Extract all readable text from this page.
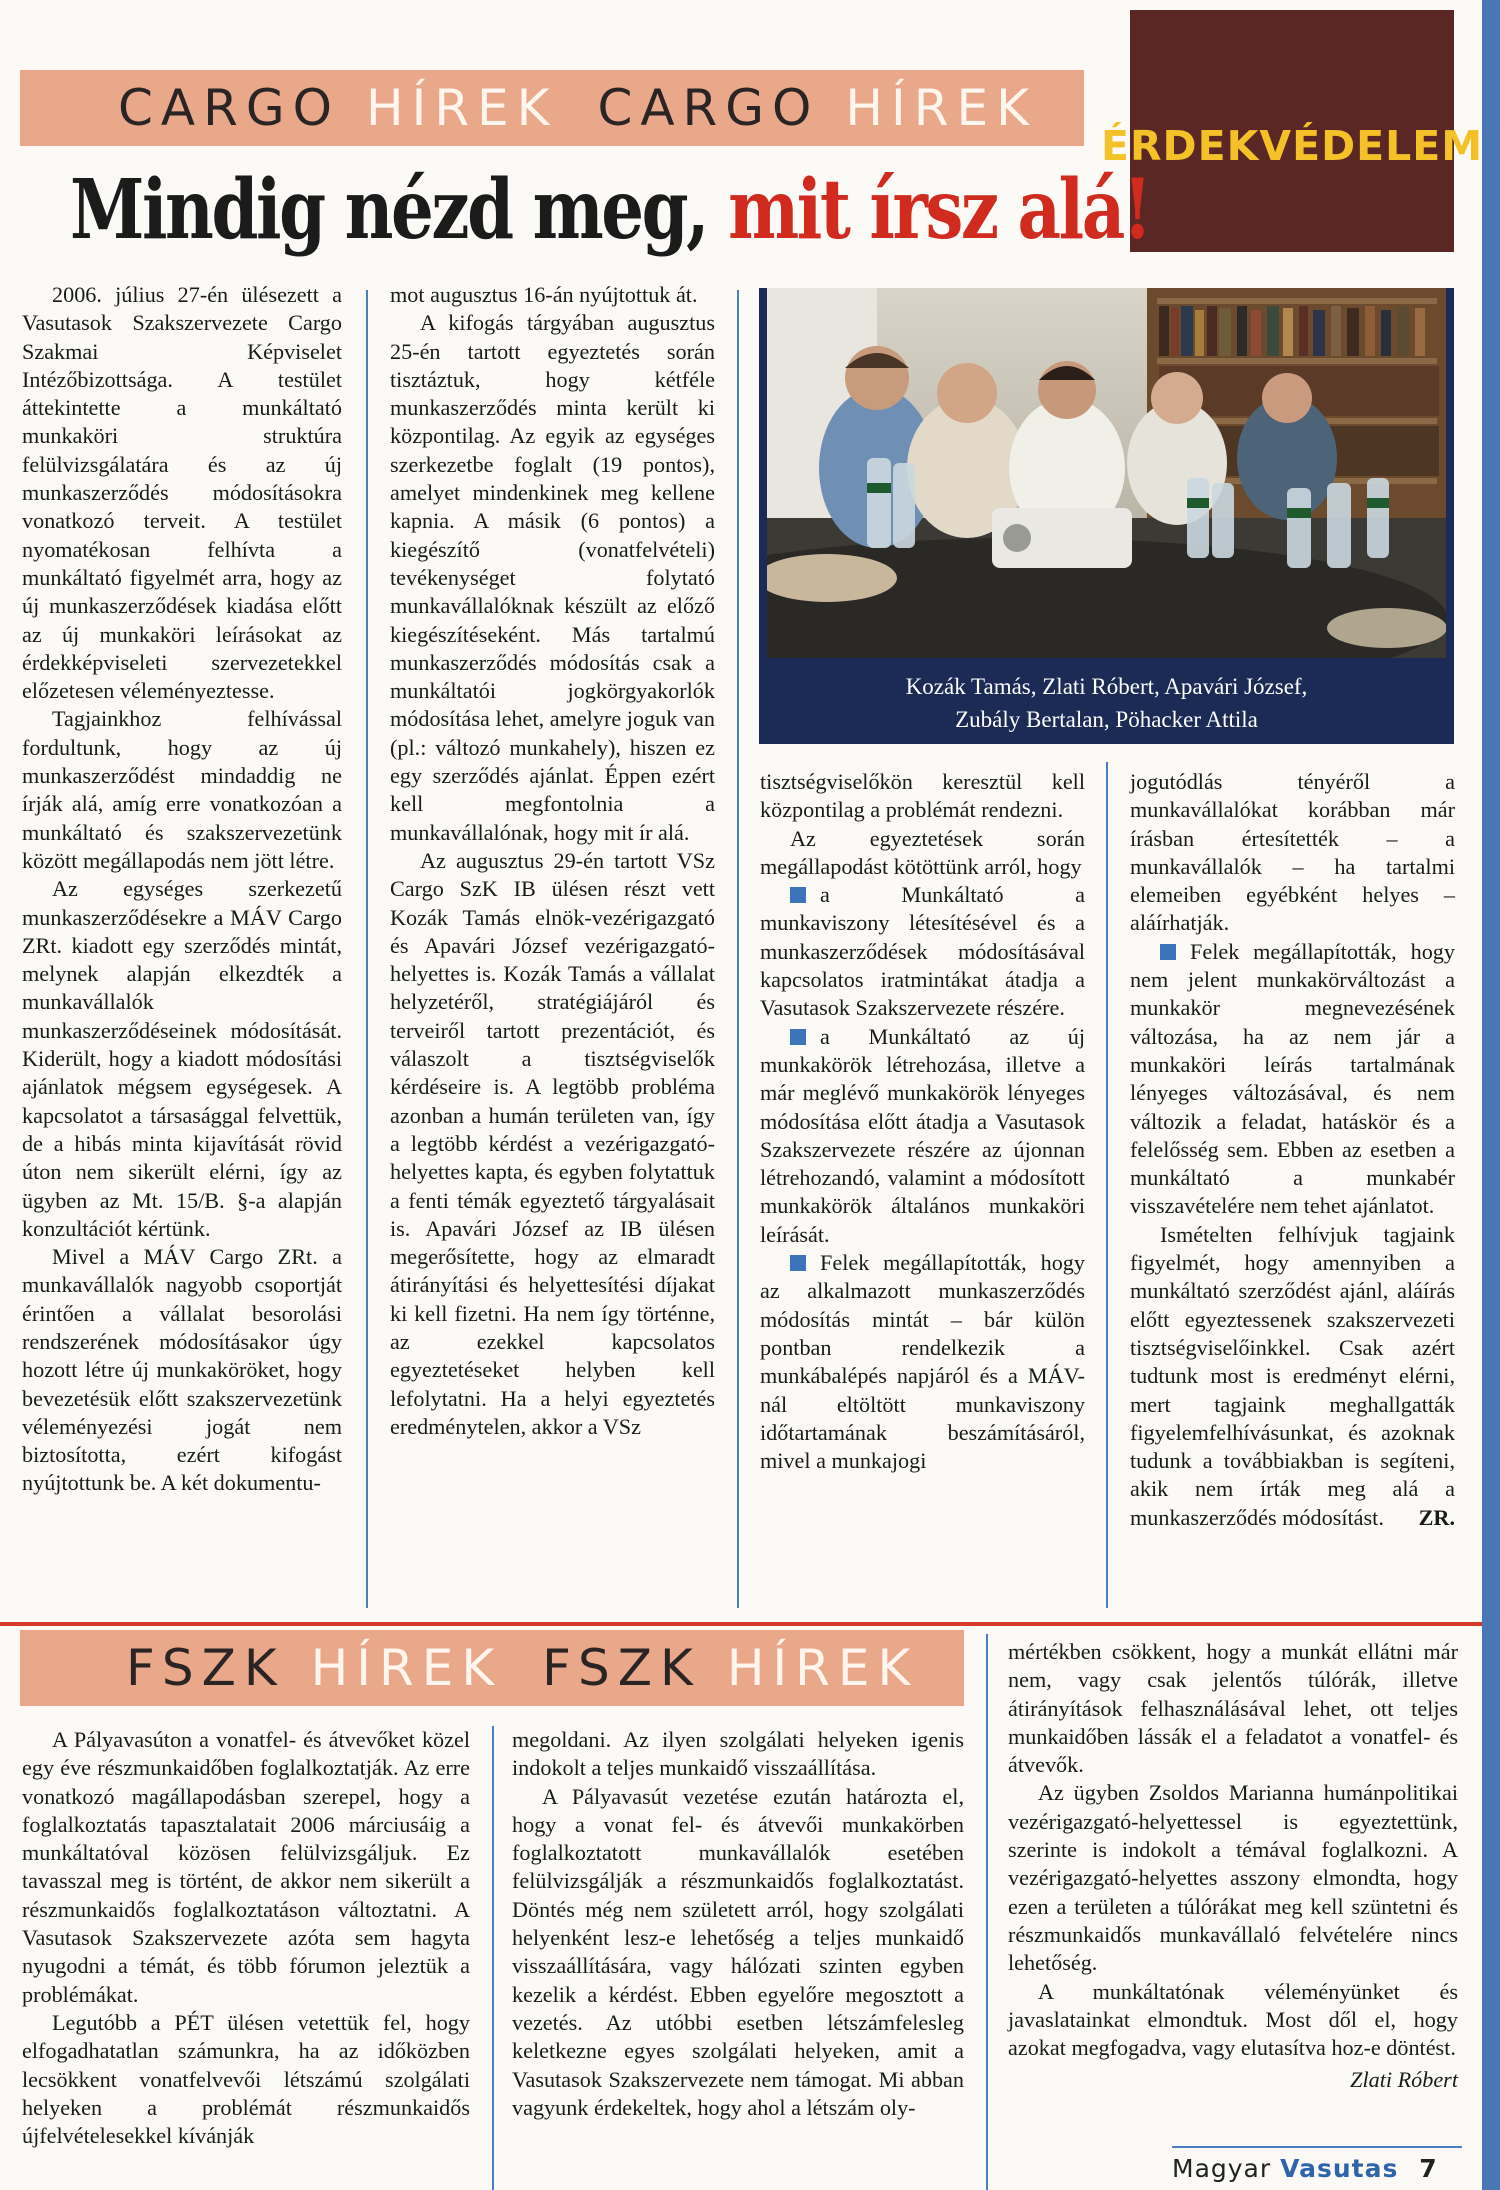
CARGO HÍREK CARGO HÍREK
ÉRDEKVÉDELEM
Mindig nézd meg, mit írsz alá!

2006. július 27-én ülésezett a Vasutasok Szakszervezete Cargo Szakmai Képviselet Intézőbizottsága. A testület áttekintette a munkáltató munkaköri struktúra felülvizsgálatára és az új munkaszerződés módosításokra vonatkozó terveit. A testület nyomatékosan felhívta a munkáltató figyelmét arra, hogy az új munkaszerződések kiadása előtt az új munkaköri leírásokat az érdekképviseleti szervezetekkel előzetesen véleményeztesse.

Tagjainkhoz felhívással fordultunk, hogy az új munkaszerződést mindaddig ne írják alá, amíg erre vonatkozóan a munkáltató és szakszervezetünk között megállapodás nem jött létre.

Az egységes szerkezetű munkaszerződésekre a MÁV Cargo ZRt. kiadott egy szerződés mintát, melynek alapján elkezdték a munkavállalók munkaszerződéseinek módosítását. Kiderült, hogy a kiadott módosítási ajánlatok mégsem egységesek. A kapcsolatot a társasággal felvettük, de a hibás minta kijavítását rövid úton nem sikerült elérni, így az ügyben az Mt. 15/B. §-a alapján konzultációt kértünk.

Mivel a MÁV Cargo ZRt. a munkavállalók nagyobb csoportját érintően a vállalat besorolási rendszerének módosításakor úgy hozott létre új munkaköröket, hogy bevezetésük előtt szakszervezetünk véleményezési jogát nem biztosította, ezért kifogást nyújtottunk be. A két dokumentu-

mot augusztus 16-án nyújtottuk át.

A kifogás tárgyában augusztus 25-én tartott egyeztetés során tisztáztuk, hogy kétféle munkaszerződés minta került ki központilag. Az egyik az egységes szerkezetbe foglalt (19 pontos), amelyet mindenkinek meg kellene kapnia. A másik (6 pontos) a kiegészítő (vonatfelvételi) tevékenységet folytató munkavállalóknak készült az előző kiegészítéseként. Más tartalmú munkaszerződés módosítás csak a munkáltatói jogkörgyakorlók módosítása lehet, amelyre joguk van (pl.: változó munkahely), hiszen ez egy szerződés ajánlat. Éppen ezért kell megfontolnia a munkavállalónak, hogy mit ír alá.

Az augusztus 29-én tartott VSz Cargo SzK IB ülésen részt vett Kozák Tamás elnök-vezérigazgató és Apavári József vezérigazgató-helyettes is. Kozák Tamás a vállalat helyzetéről, stratégiájáról és terveiről tartott prezentációt, és válaszolt a tisztségviselők kérdéseire is. A legtöbb probléma azonban a humán területen van, így a legtöbb kérdést a vezérigazgató-helyettes kapta, és egyben folytattuk a fenti témák egyeztető tárgyalásait is. Apavári József az IB ülésen megerősítette, hogy az elmaradt átirányítási és helyettesítési díjakat ki kell fizetni. Ha nem így történne, az ezekkel kapcsolatos egyeztetéseket helyben kell lefolytatni. Ha a helyi egyeztetés eredménytelen, akkor a VSz

Kozák Tamás, Zlati Róbert, Apavári József,
Zubály Bertalan, Pöhacker Attila

tisztségviselőkön keresztül kell központilag a problémát rendezni.

Az egyeztetések során megállapodást kötöttünk arról, hogy

a Munkáltató a munkaviszony létesítésével és a munkaszerződések módosításával kapcsolatos iratmintákat átadja a Vasutasok Szakszervezete részére.

a Munkáltató az új munkakörök létrehozása, illetve a már meglévő munkakörök lényeges módosítása előtt átadja a Vasutasok Szakszervezete részére az újonnan létrehozandó, valamint a módosított munkakörök általános munkaköri leírását.

Felek megállapították, hogy az alkalmazott munkaszerződés módosítás mintát – bár külön pontban rendelkezik a munkábalépés napjáról és a MÁV-nál eltöltött munkaviszony időtartamának beszámításáról, mivel a munkajogi

jogutódlás tényéről a munkavállalókat korábban már írásban értesítették – a munkavállalók – ha tartalmi elemeiben egyébként helyes – aláírhatják.

Felek megállapították, hogy nem jelent munkakörváltozást a munkakör megnevezésének változása, ha az nem jár a munkaköri leírás tartalmának lényeges változásával, és nem változik a feladat, hatáskör és a felelősség sem. Ebben az esetben a munkáltató a munkabér visszavételére nem tehet ajánlatot.

Ismételten felhívjuk tagjaink figyelmét, hogy amennyiben a munkáltató szerződést ajánl, aláírás előtt egyeztessenek szakszervezeti tisztségviselőinkkel. Csak azért tudtunk most is eredményt elérni, mert tagjaink meghallgatták figyelemfelhívásunkat, és azoknak tudunk a továbbiakban is segíteni, akik nem írták meg alá a munkaszerződés módosítást.	ZR.
FSZK HÍREK FSZK HÍREK

A Pályavasúton a vonatfel- és átvevőket közel egy éve részmunkaidőben foglalkoztatják. Az erre vonatkozó magállapodásban szerepel, hogy a foglalkoztatás tapasztalatait 2006 márciusáig a munkáltatóval közösen felülvizsgáljuk. Ez tavasszal meg is történt, de akkor nem sikerült a részmunkaidős foglalkoztatáson változtatni. A Vasutasok Szakszervezete azóta sem hagyta nyugodni a témát, és több fórumon jeleztük a problémákat.

Legutóbb a PÉT ülésen vetettük fel, hogy elfogadhatatlan számunkra, ha az időközben lecsökkent vonatfelvevői létszámú szolgálati helyeken a problémát részmunkaidős újfelvételesekkel kívánják

megoldani. Az ilyen szolgálati helyeken igenis indokolt a teljes munkaidő visszaállítása.

A Pályavasút vezetése ezután határozta el, hogy a vonat fel- és átvevői munkakörben foglalkoztatott munkavállalók esetében felülvizsgálják a részmunkaidős foglalkoztatást. Döntés még nem született arról, hogy szolgálati helyenként lesz-e lehetőség a teljes munkaidő visszaállítására, vagy hálózati szinten egyben kezelik a kérdést. Ebben egyelőre megosztott a vezetés. Az utóbbi esetben létszámfelesleg keletkezne egyes szolgálati helyeken, amit a Vasutasok Szakszervezete nem támogat. Mi abban vagyunk érdekeltek, hogy ahol a létszám oly-

mértékben csökkent, hogy a munkát ellátni már nem, vagy csak jelentős túlórák, illetve átirányítások felhasználásával lehet, ott teljes munkaidőben lássák el a feladatot a vonatfel- és átvevők.

Az ügyben Zsoldos Marianna humánpolitikai vezérigazgató-helyettessel is egyeztettünk, szerinte is indokolt a témával foglalkozni. A vezérigazgató-helyettes asszony elmondta, hogy ezen a területen a túlórákat meg kell szüntetni és részmunkaidős munkavállaló felvételére nincs lehetőség.

A munkáltatónak véleményünket és javaslatainkat elmondtuk. Most dől el, hogy azokat megfogadva, vagy elutasítva hoz-e döntést.

Zlati Róbert
Magyar Vasutas 7
